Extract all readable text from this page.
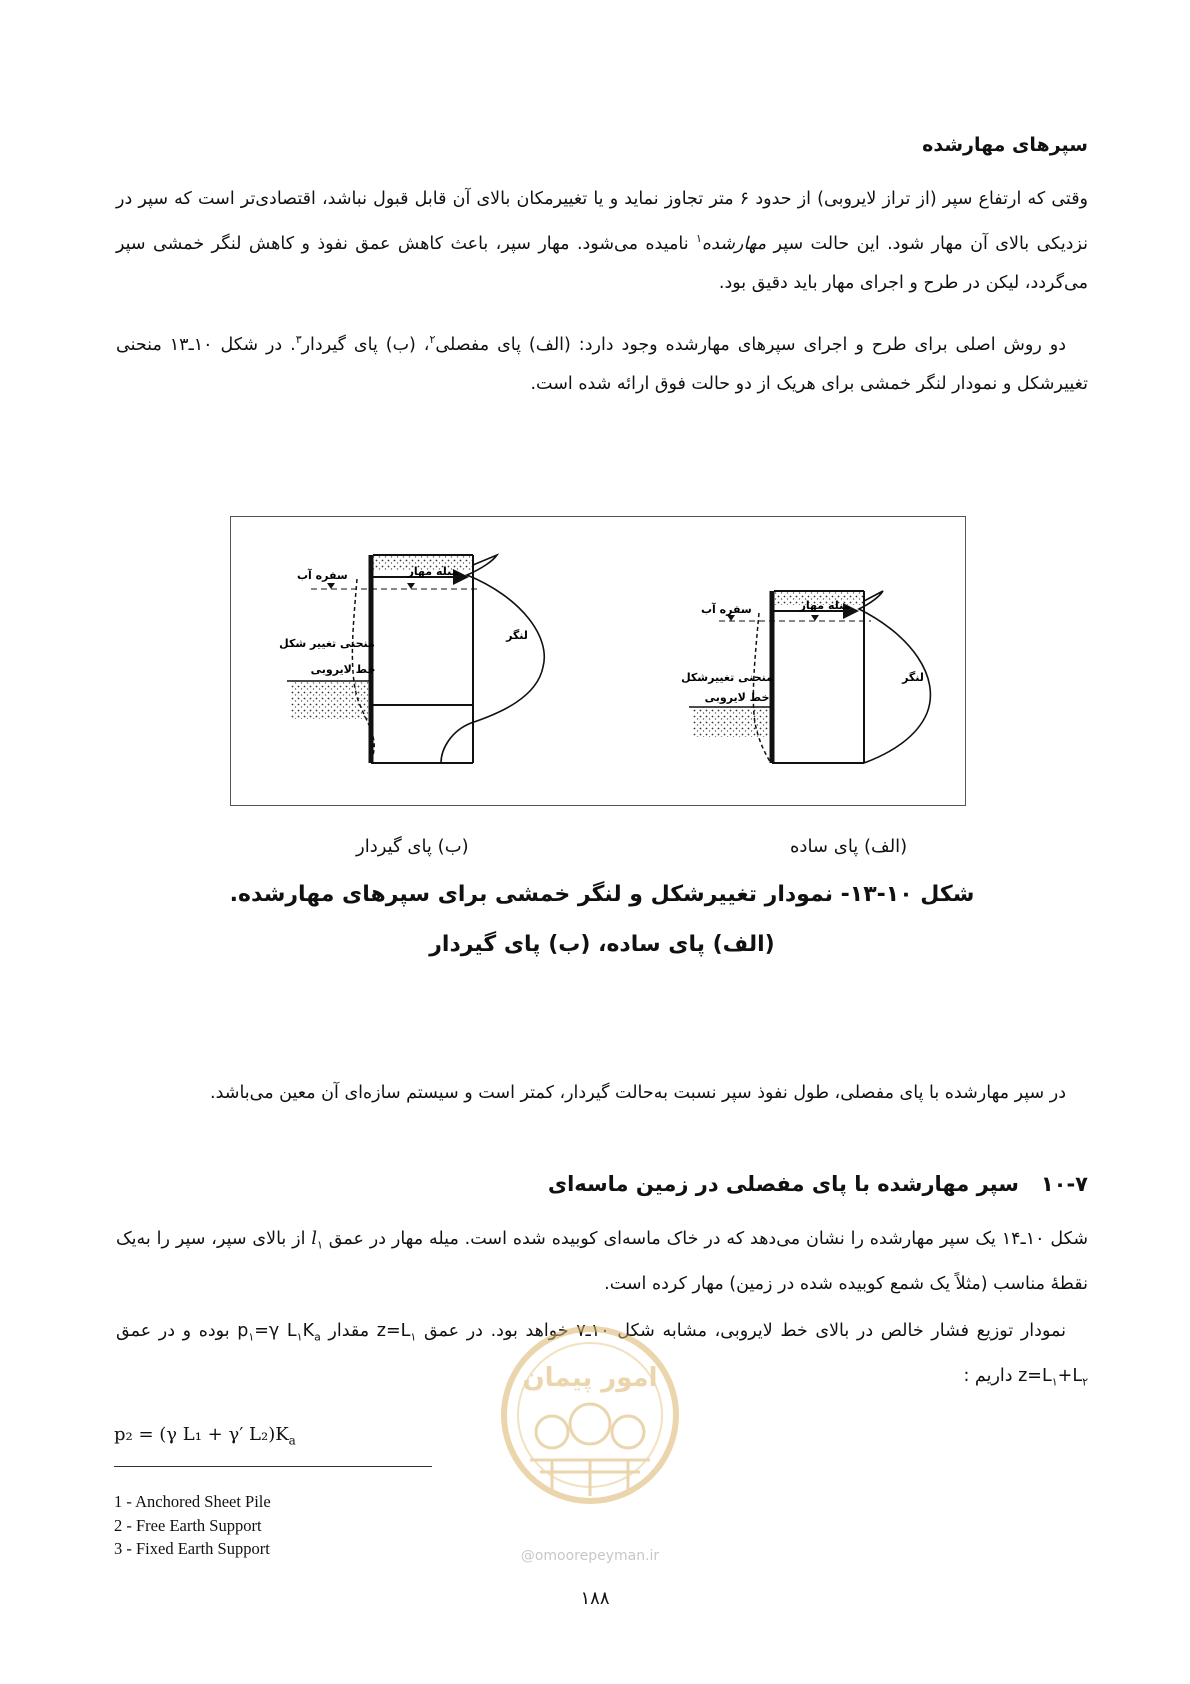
سپرهای مهارشده

وقتی که ارتفاع سپر (از تراز لایروبی) از حدود ۶ متر تجاوز نماید و یا تغییرمکان بالای آن قابل قبول نباشد، اقتصادی‌تر است که سپر در نزدیکی بالای آن مهار شود. این حالت سپر مهارشده$^۱$ نامیده می‌شود. مهار سپر، باعث کاهش عمق نفوذ و کاهش لنگر خمشی سپر می‌گردد، لیکن در طرح و اجرای مهار باید دقیق بود.

دو روش اصلی برای طرح و اجرای سپرهای مهارشده وجود دارد: (الف) پای مفصلی$^۲$، (ب) پای گیردار$^۳$. در شکل ۱۰ـ۱۳ منحنی تغییرشکل و نمودار لنگر خمشی برای هریک از دو حالت فوق ارائه شده است.

سفره آب	میله مهار
منحنی تغییر شکل
خط لایروبی
لنگر
سفره آب	میله مهار
منحنی تغییرشکل
خط لایروبی
لنگر
(ب) پای گیردار	(الف) پای ساده
شکل ۱۰-۱۳- نمودار تغییرشکل و لنگر خمشی برای سپرهای مهارشده.
(الف) پای ساده، (ب) پای گیردار
در سپر مهارشده با پای مفصلی، طول نفوذ سپر نسبت به‌حالت گیردار، کمتر است و سیستم سازه‌ای آن معین می‌باشد.
۱۰-۷   سپر مهارشده با پای مفصلی در زمین ماسه‌ای

شکل ۱۰ـ۱۴ یک سپر مهارشده را نشان می‌دهد که در خاک ماسه‌ای کوبیده شده است. میله مهار در عمق $l_۱$ از بالای سپر، سپر را به‌یک نقطهٔ مناسب (مثلاً یک شمع کوبیده شده در زمین) مهار کرده است.

نمودار توزیع فشار خالص در بالای خط لایروبی، مشابه شکل ۱۰ـ۷ خواهد بود. در عمق $z=L_۱$ مقدار $p_۱=\gamma$ $L_۱K_a$ بوده و در عمق $z=L_۱+L_۲$ داریم :

p₂ = (γ L₁ + γ′ $L_2)K_a$
1 - Anchored Sheet Pile
2 - Free Earth Support
3 - Fixed Earth Support
امور پیمان
@omoorepeyman.ir
۱۸۸
